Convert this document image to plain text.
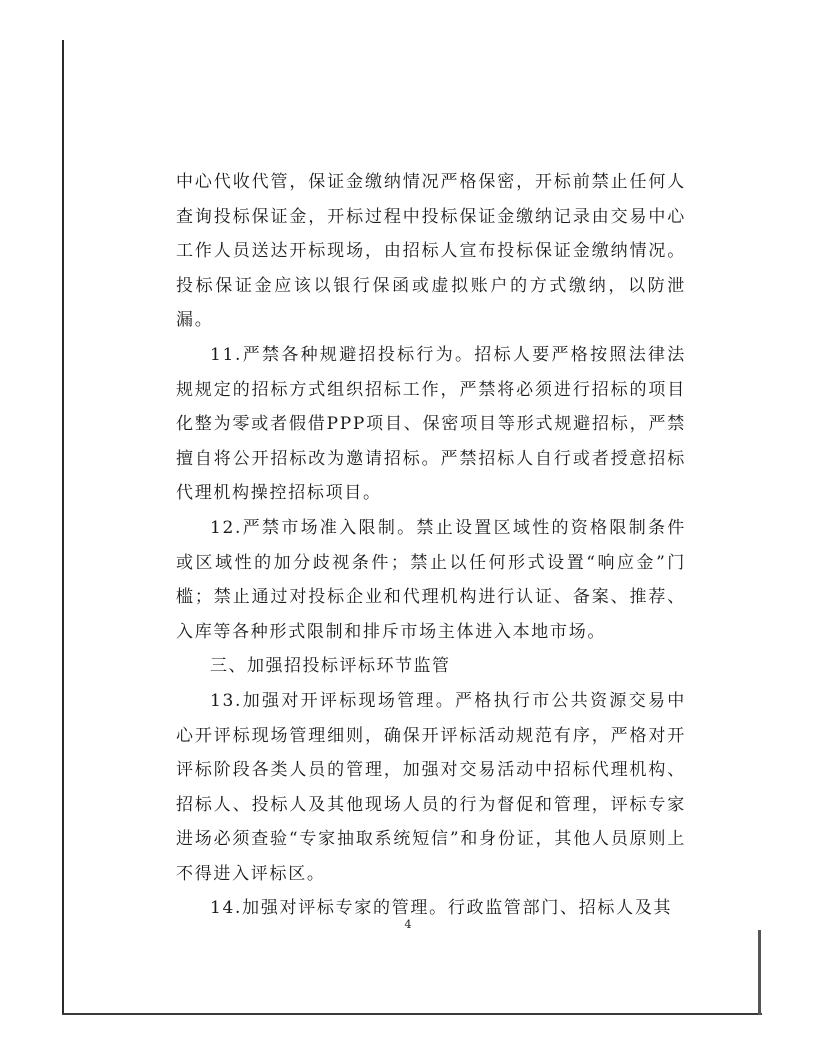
中心代收代管，保证金缴纳情况严格保密，开标前禁止任何人查询投标保证金，开标过程中投标保证金缴纳记录由交易中心工作人员送达开标现场，由招标人宣布投标保证金缴纳情况。投标保证金应该以银行保函或虚拟账户的方式缴纳，以防泄漏。

11.严禁各种规避招投标行为。招标人要严格按照法律法规规定的招标方式组织招标工作，严禁将必须进行招标的项目化整为零或者假借PPP项目、保密项目等形式规避招标，严禁擅自将公开招标改为邀请招标。严禁招标人自行或者授意招标代理机构操控招标项目。

12.严禁市场准入限制。禁止设置区域性的资格限制条件或区域性的加分歧视条件；禁止以任何形式设置“响应金”门槛；禁止通过对投标企业和代理机构进行认证、备案、推荐、入库等各种形式限制和排斥市场主体进入本地市场。

三、加强招投标评标环节监管

13.加强对开评标现场管理。严格执行市公共资源交易中心开评标现场管理细则，确保开评标活动规范有序，严格对开评标阶段各类人员的管理，加强对交易活动中招标代理机构、招标人、投标人及其他现场人员的行为督促和管理，评标专家进场必须查验“专家抽取系统短信”和身份证，其他人员原则上不得进入评标区。

14.加强对评标专家的管理。行政监管部门、招标人及其

4
